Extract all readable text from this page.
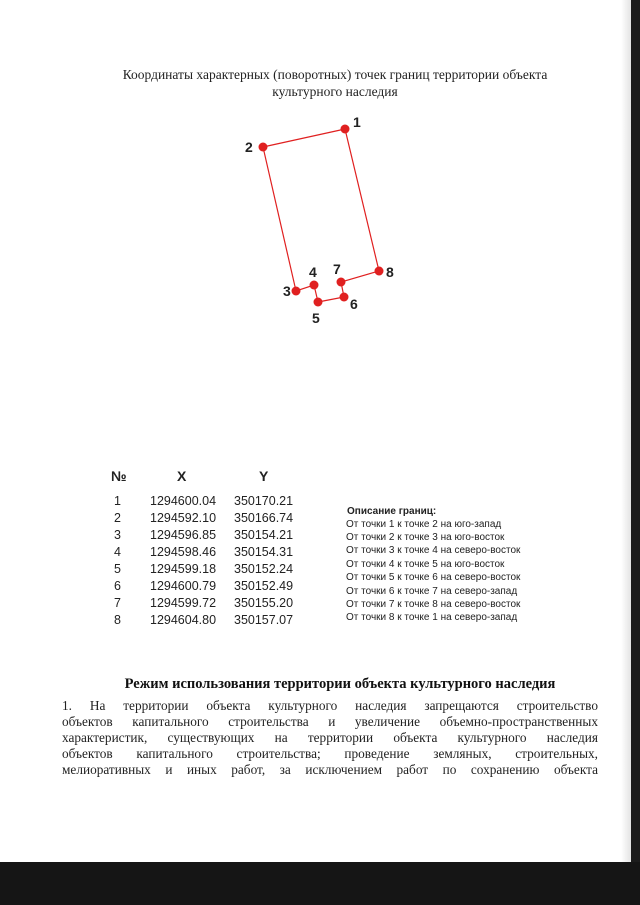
Координаты характерных (поворотных) точек границ территории объекта
культурного наследия
1
2
3
4
5
6
7	8
№	X	Y
1 1294600.04 350170.21
2 1294592.10 350166.74
3 1294596.85 350154.21
4 1294598.46 350154.31
5 1294599.18 350152.24
6 1294600.79 350152.49
7 1294599.72 350155.20
8 1294604.80 350157.07
Описание границ:
От точки 1 к точке 2 на юго-запад
От точки 2 к точке 3 на юго-восток
От точки 3 к точке 4 на северо-восток
От точки 4 к точке 5 на юго-восток
От точки 5 к точке 6 на северо-восток
От точки 6 к точке 7 на северо-запад
От точки 7 к точке 8 на северо-восток
От точки 8 к точке 1 на северо-запад
Режим использования территории объекта культурного наследия
1. На территории объекта культурного наследия запрещаются строительство
объектов капитального строительства и увеличение объемно-пространственных
характеристик, существующих на территории объекта культурного наследия
объектов капитального строительства; проведение земляных, строительных,
мелиоративных и иных работ, за исключением работ по сохранению объекта
